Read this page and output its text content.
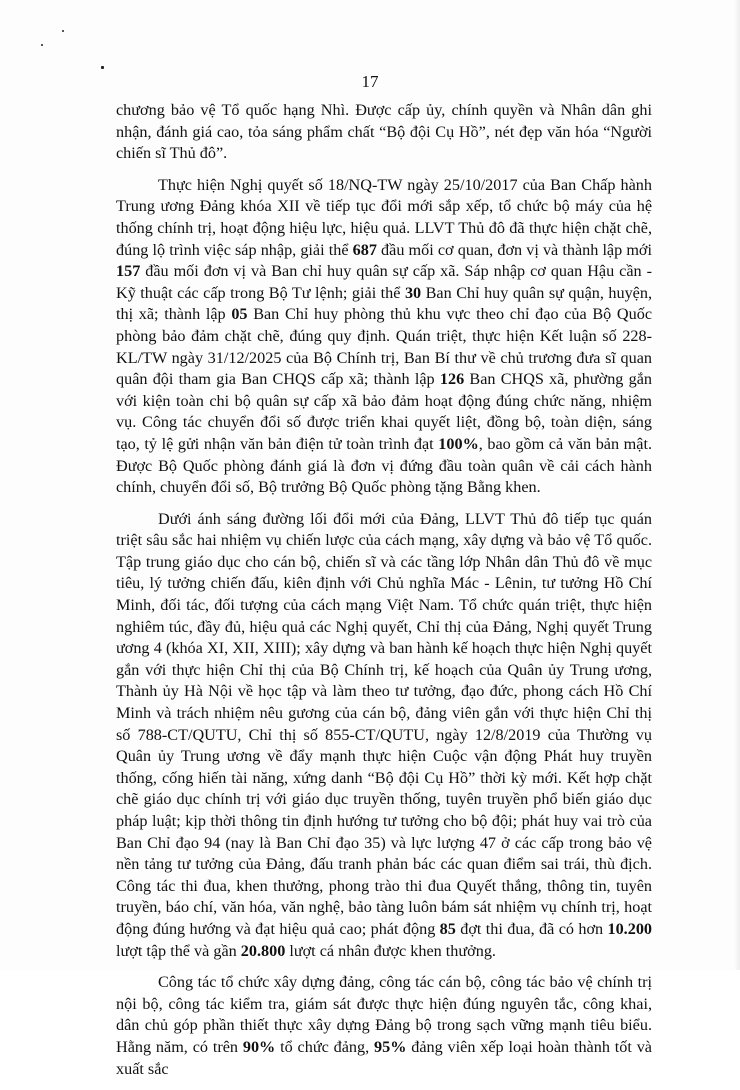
17

chương bảo vệ Tổ quốc hạng Nhì. Được cấp ủy, chính quyền và Nhân dân ghi nhận, đánh giá cao, tỏa sáng phẩm chất “Bộ đội Cụ Hồ”, nét đẹp văn hóa “Người chiến sĩ Thủ đô”.

Thực hiện Nghị quyết số 18/NQ-TW ngày 25/10/2017 của Ban Chấp hành Trung ương Đảng khóa XII về tiếp tục đổi mới sắp xếp, tổ chức bộ máy của hệ thống chính trị, hoạt động hiệu lực, hiệu quả. LLVT Thủ đô đã thực hiện chặt chẽ, đúng lộ trình việc sáp nhập, giải thể 687 đầu mối cơ quan, đơn vị và thành lập mới 157 đầu mối đơn vị và Ban chỉ huy quân sự cấp xã. Sáp nhập cơ quan Hậu cần - Kỹ thuật các cấp trong Bộ Tư lệnh; giải thể 30 Ban Chỉ huy quân sự quận, huyện, thị xã; thành lập 05 Ban Chỉ huy phòng thủ khu vực theo chỉ đạo của Bộ Quốc phòng bảo đảm chặt chẽ, đúng quy định. Quán triệt, thực hiện Kết luận số 228-KL/TW ngày 31/12/2025 của Bộ Chính trị, Ban Bí thư về chủ trương đưa sĩ quan quân đội tham gia Ban CHQS cấp xã; thành lập 126 Ban CHQS xã, phường gắn với kiện toàn chi bộ quân sự cấp xã bảo đảm hoạt động đúng chức năng, nhiệm vụ. Công tác chuyển đổi số được triển khai quyết liệt, đồng bộ, toàn diện, sáng tạo, tỷ lệ gửi nhận văn bản điện tử toàn trình đạt 100%, bao gồm cả văn bản mật. Được Bộ Quốc phòng đánh giá là đơn vị đứng đầu toàn quân về cải cách hành chính, chuyển đổi số, Bộ trưởng Bộ Quốc phòng tặng Bằng khen.

Dưới ánh sáng đường lối đổi mới của Đảng, LLVT Thủ đô tiếp tục quán triệt sâu sắc hai nhiệm vụ chiến lược của cách mạng, xây dựng và bảo vệ Tổ quốc. Tập trung giáo dục cho cán bộ, chiến sĩ và các tầng lớp Nhân dân Thủ đô về mục tiêu, lý tưởng chiến đấu, kiên định với Chủ nghĩa Mác - Lênin, tư tưởng Hồ Chí Minh, đối tác, đối tượng của cách mạng Việt Nam. Tổ chức quán triệt, thực hiện nghiêm túc, đầy đủ, hiệu quả các Nghị quyết, Chỉ thị của Đảng, Nghị quyết Trung ương 4 (khóa XI, XII, XIII); xây dựng và ban hành kế hoạch thực hiện Nghị quyết gắn với thực hiện Chỉ thị của Bộ Chính trị, kế hoạch của Quân ủy Trung ương, Thành ủy Hà Nội về học tập và làm theo tư tưởng, đạo đức, phong cách Hồ Chí Minh và trách nhiệm nêu gương của cán bộ, đảng viên gắn với thực hiện Chỉ thị số 788-CT/QUTU, Chỉ thị số 855-CT/QUTU, ngày 12/8/2019 của Thường vụ Quân ủy Trung ương về đẩy mạnh thực hiện Cuộc vận động Phát huy truyền thống, cống hiến tài năng, xứng danh “Bộ đội Cụ Hồ” thời kỳ mới. Kết hợp chặt chẽ giáo dục chính trị với giáo dục truyền thống, tuyên truyền phổ biến giáo dục pháp luật; kịp thời thông tin định hướng tư tưởng cho bộ đội; phát huy vai trò của Ban Chỉ đạo 94 (nay là Ban Chỉ đạo 35) và lực lượng 47 ở các cấp trong bảo vệ nền tảng tư tưởng của Đảng, đấu tranh phản bác các quan điểm sai trái, thù địch. Công tác thi đua, khen thưởng, phong trào thi đua Quyết thắng, thông tin, tuyên truyền, báo chí, văn hóa, văn nghệ, bảo tàng luôn bám sát nhiệm vụ chính trị, hoạt động đúng hướng và đạt hiệu quả cao; phát động 85 đợt thi đua, đã có hơn 10.200 lượt tập thể và gần 20.800 lượt cá nhân được khen thưởng.

Công tác tổ chức xây dựng đảng, công tác cán bộ, công tác bảo vệ chính trị nội bộ, công tác kiểm tra, giám sát được thực hiện đúng nguyên tắc, công khai, dân chủ góp phần thiết thực xây dựng Đảng bộ trong sạch vững mạnh tiêu biểu. Hằng năm, có trên 90% tổ chức đảng, 95% đảng viên xếp loại hoàn thành tốt và xuất sắc
